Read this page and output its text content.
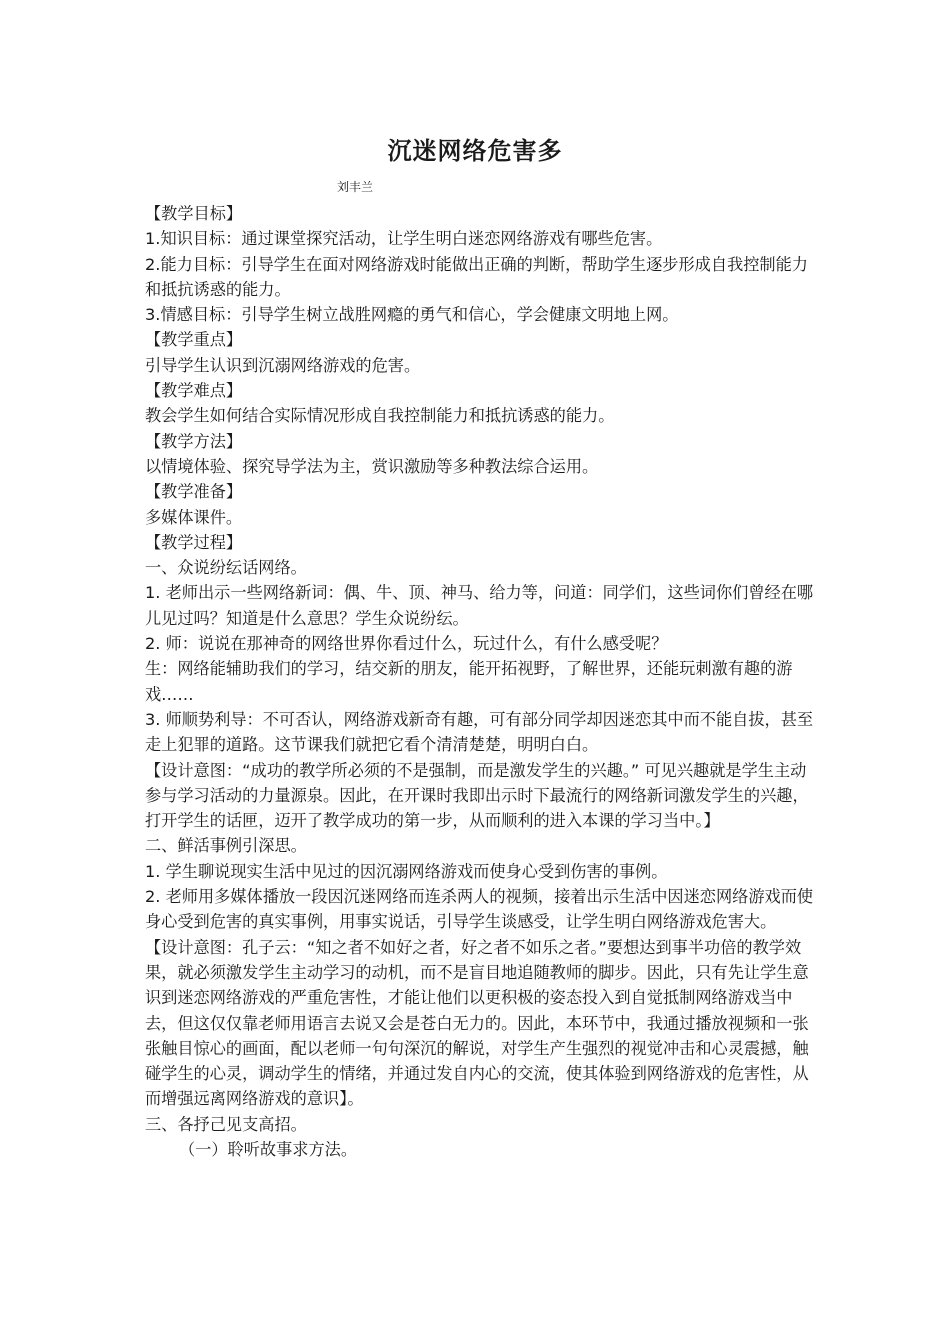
沉迷网络危害多
刘丰兰

【教学目标】

1.知识目标：通过课堂探究活动，让学生明白迷恋网络游戏有哪些危害。

2.能力目标：引导学生在面对网络游戏时能做出正确的判断，帮助学生逐步形成自我控制能力和抵抗诱惑的能力。

3.情感目标：引导学生树立战胜网瘾的勇气和信心，学会健康文明地上网。

【教学重点】

引导学生认识到沉溺网络游戏的危害。

【教学难点】

教会学生如何结合实际情况形成自我控制能力和抵抗诱惑的能力。

【教学方法】

以情境体验、探究导学法为主，赏识激励等多种教法综合运用。

【教学准备】

多媒体课件。

【教学过程】

一、众说纷纭话网络。

1. 老师出示一些网络新词：偶、牛、顶、神马、给力等，问道：同学们，这些词你们曾经在哪儿见过吗？知道是什么意思？学生众说纷纭。

2. 师：说说在那神奇的网络世界你看过什么，玩过什么，有什么感受呢？

生：网络能辅助我们的学习，结交新的朋友，能开拓视野，了解世界，还能玩刺激有趣的游戏……

3. 师顺势利导：不可否认，网络游戏新奇有趣，可有部分同学却因迷恋其中而不能自拔，甚至走上犯罪的道路。这节课我们就把它看个清清楚楚，明明白白。

【设计意图：“成功的教学所必须的不是强制，而是激发学生的兴趣。” 可见兴趣就是学生主动参与学习活动的力量源泉。因此，在开课时我即出示时下最流行的网络新词激发学生的兴趣，打开学生的话匣，迈开了教学成功的第一步，从而顺利的进入本课的学习当中。】

二、鲜活事例引深思。

1. 学生聊说现实生活中见过的因沉溺网络游戏而使身心受到伤害的事例。

2. 老师用多媒体播放一段因沉迷网络而连杀两人的视频，接着出示生活中因迷恋网络游戏而使身心受到危害的真实事例，用事实说话，引导学生谈感受，让学生明白网络游戏危害大。

【设计意图：孔子云：“知之者不如好之者，好之者不如乐之者。”要想达到事半功倍的教学效果，就必须激发学生主动学习的动机，而不是盲目地追随教师的脚步。因此，只有先让学生意识到迷恋网络游戏的严重危害性，才能让他们以更积极的姿态投入到自觉抵制网络游戏当中去，但这仅仅靠老师用语言去说又会是苍白无力的。因此，本环节中，我通过播放视频和一张张触目惊心的画面，配以老师一句句深沉的解说，对学生产生强烈的视觉冲击和心灵震撼，触碰学生的心灵，调动学生的情绪，并通过发自内心的交流，使其体验到网络游戏的危害性，从而增强远离网络游戏的意识】。

三、各抒己见支高招。

（一）聆听故事求方法。
